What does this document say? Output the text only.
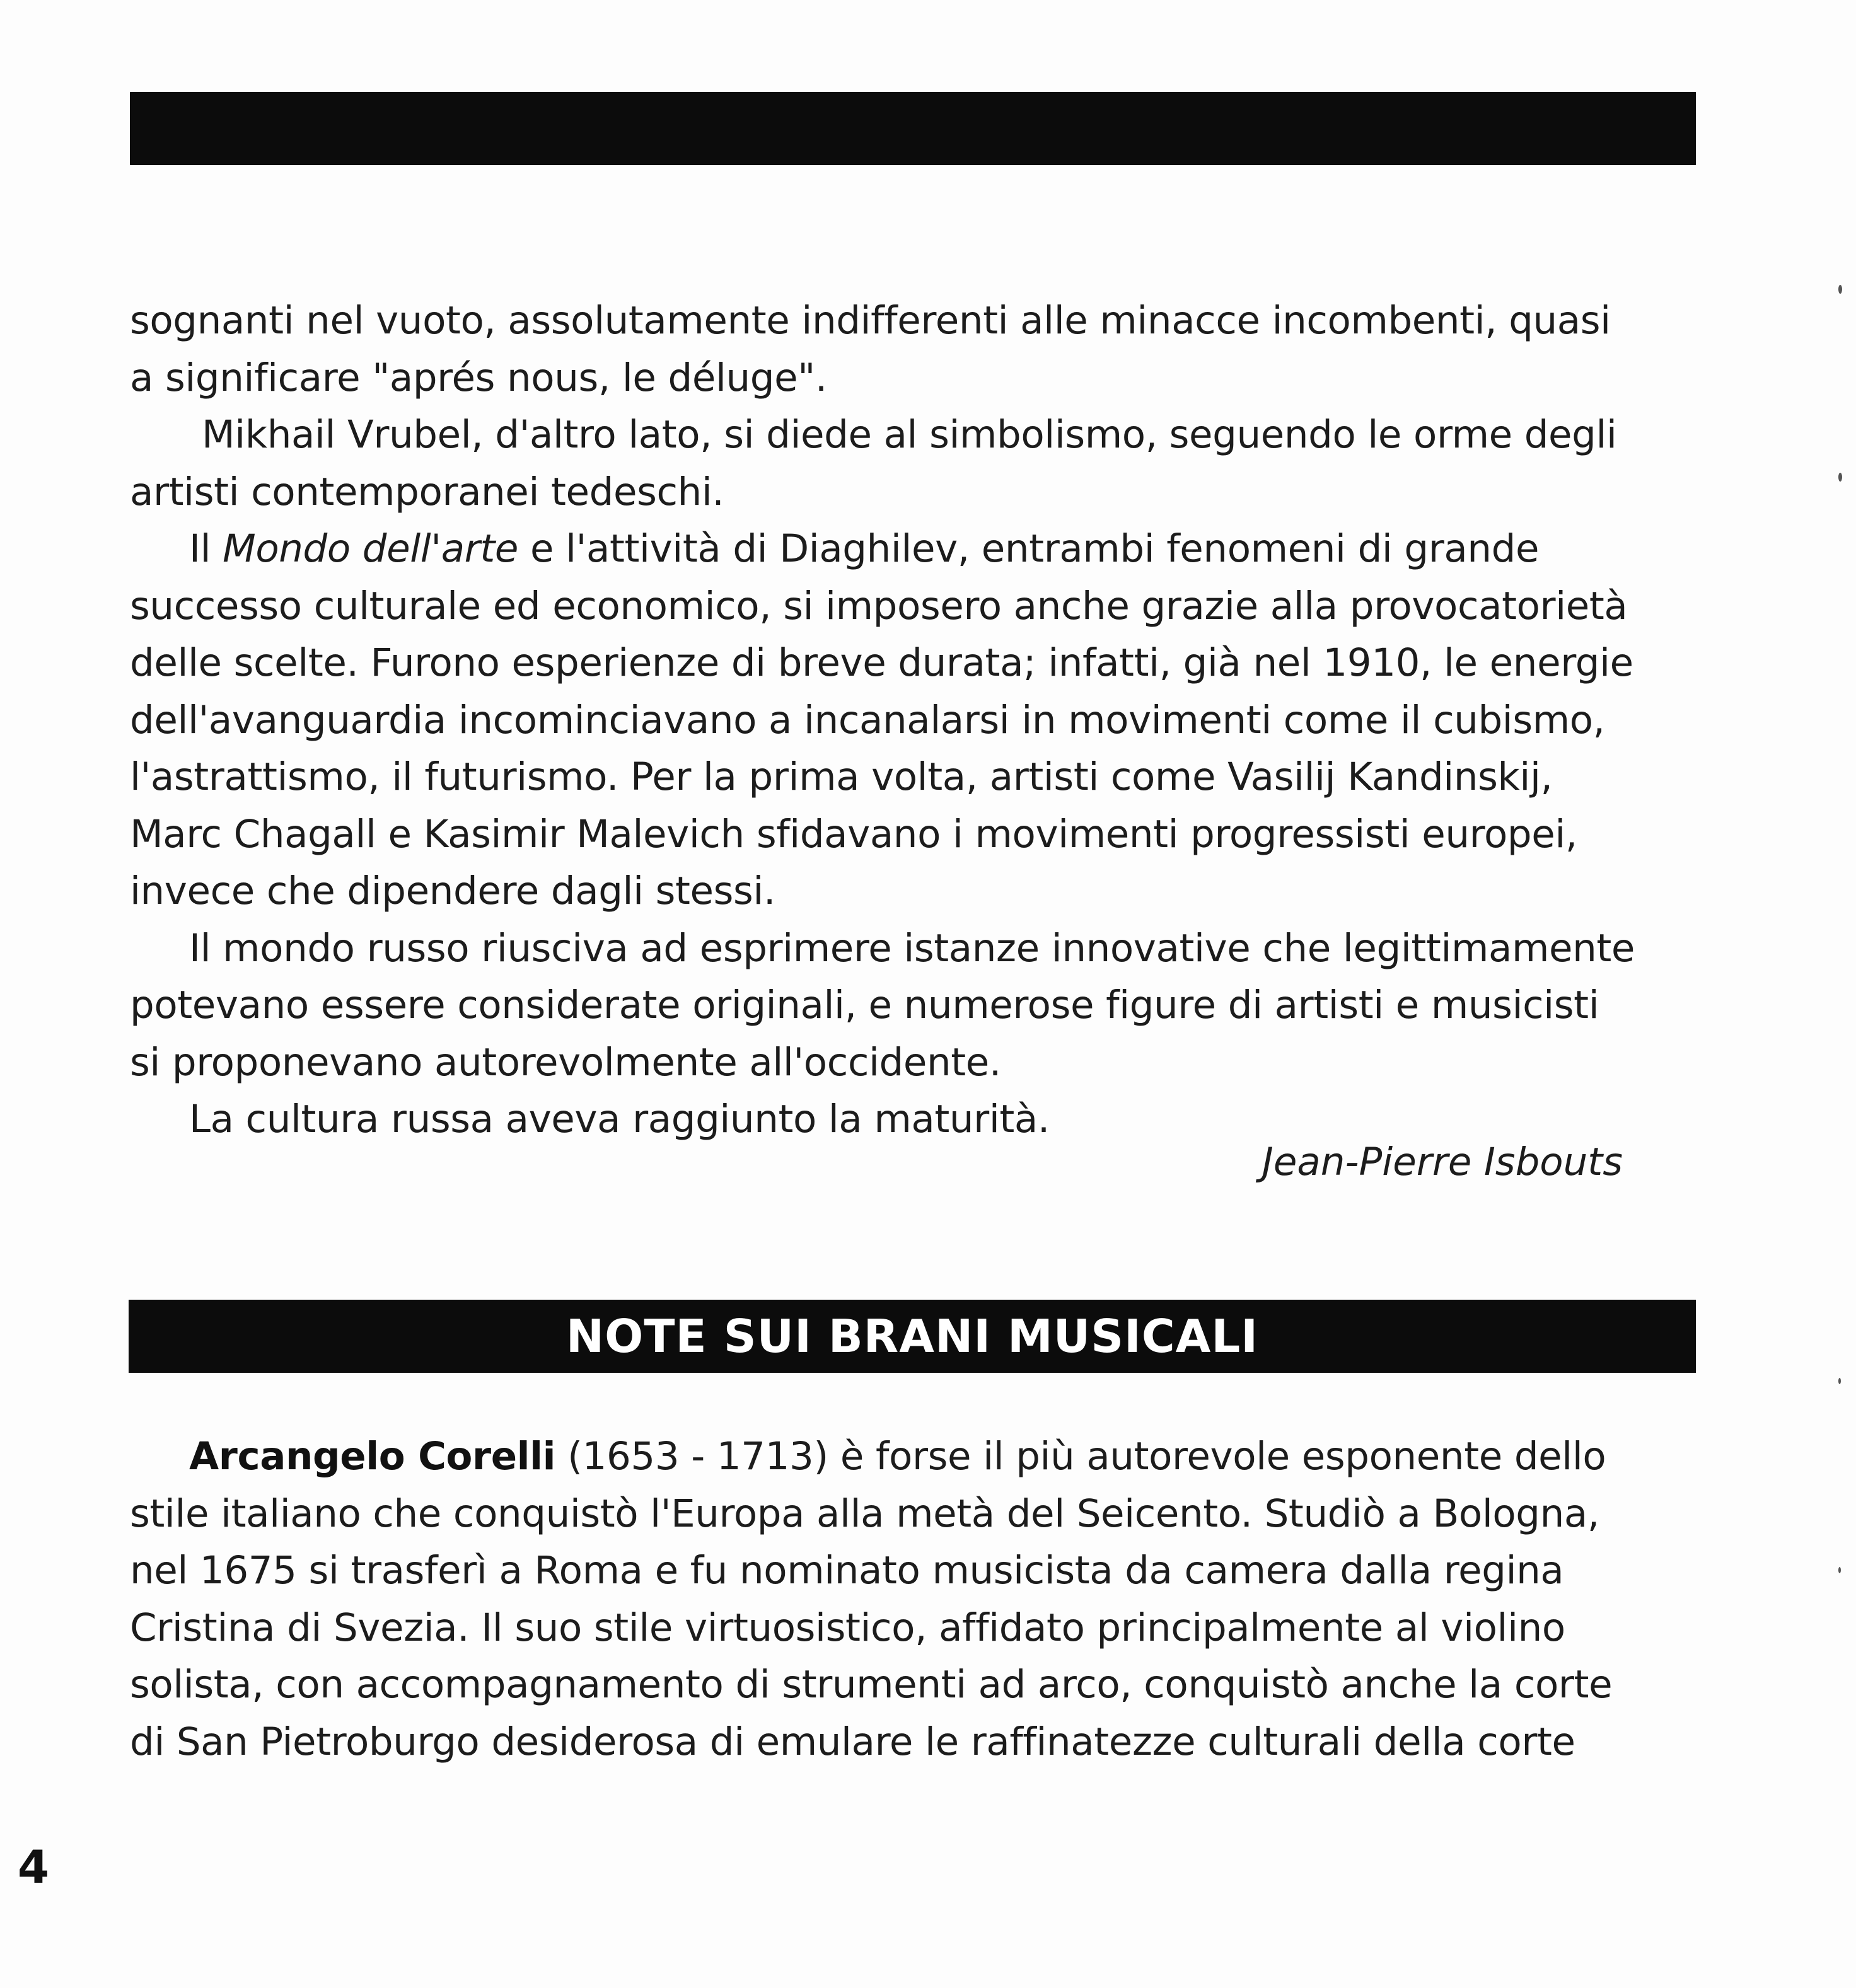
sognanti nel vuoto, assolutamente indifferenti alle minacce incombenti, quasi
a significare "aprés nous, le déluge".
Mikhail Vrubel, d'altro lato, si diede al simbolismo, seguendo le orme degli
artisti contemporanei tedeschi.
Il Mondo dell'arte e l'attività di Diaghilev, entrambi fenomeni di grande
successo culturale ed economico, si imposero anche grazie alla provocatorietà
delle scelte. Furono esperienze di breve durata; infatti, già nel 1910, le energie
dell'avanguardia incominciavano a incanalarsi in movimenti come il cubismo,
l'astrattismo, il futurismo. Per la prima volta, artisti come Vasilij Kandinskij,
Marc Chagall e Kasimir Malevich sfidavano i movimenti progressisti europei,
invece che dipendere dagli stessi.
Il mondo russo riusciva ad esprimere istanze innovative che legittimamente
potevano essere considerate originali, e numerose figure di artisti e musicisti
si proponevano autorevolmente all'occidente.
La cultura russa aveva raggiunto la maturità.
Jean-Pierre Isbouts
NOTE SUI BRANI MUSICALI
Arcangelo Corelli (1653 - 1713) è forse il più autorevole esponente dello
stile italiano che conquistò l'Europa alla metà del Seicento. Studiò a Bologna,
nel 1675 si trasferì a Roma e fu nominato musicista da camera dalla regina
Cristina di Svezia. Il suo stile virtuosistico, affidato principalmente al violino
solista, con accompagnamento di strumenti ad arco, conquistò anche la corte
di San Pietroburgo desiderosa di emulare le raffinatezze culturali della corte
4
